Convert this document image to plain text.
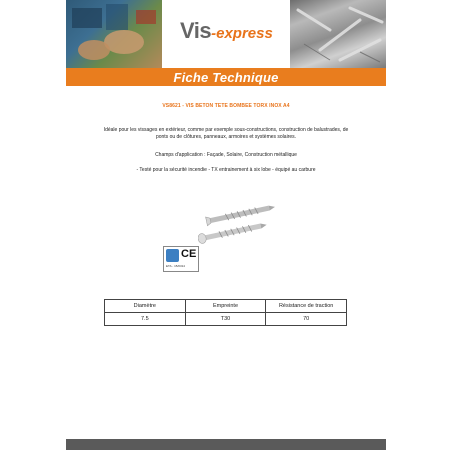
Vis-express
Fiche Technique
VS8621 - VIS BETON TETE BOMBEE TORX INOX A4
Idéale pour les vissages en extérieur, comme par exemple sous-constructions, construction de balustrades, de ponts ou de clôtures, panneaux, armoires et systèmes solaires.
Champs d'application : Façade, Solaire, Construction métallique
- Testé pour la sécurité incendie - TX entrainement à six lobe - équipé au carbure
CE
ETA - 15/0314
Diamètre	Empreinte	Résistance de traction
7.5	T30	70
